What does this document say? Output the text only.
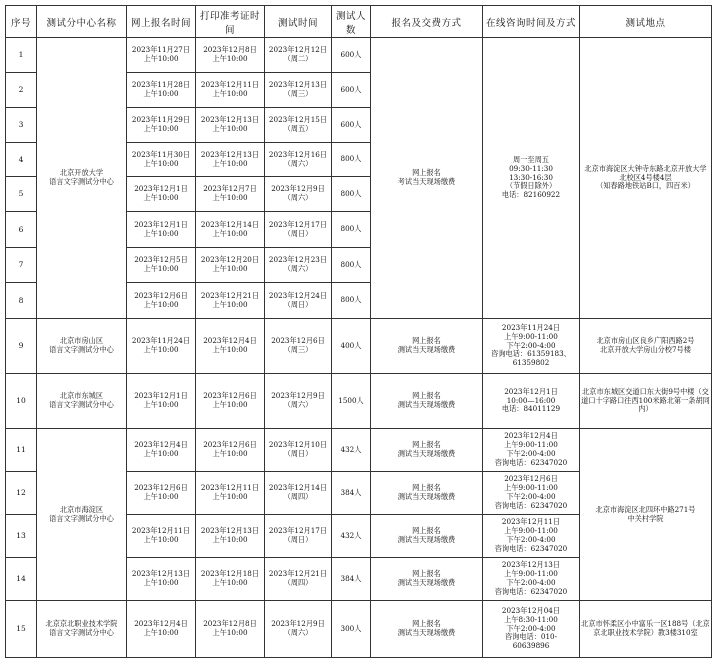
序号	测试分中心名称	网上报名时间	打印准考证时间	测试时间	测试人数	报名及交费方式	在线咨询时间及方式	测试地点
1	北京开放大学
语言文字测试分中心	2023年11月27日
上午10:00	2023年12月8日
上午10:00	2023年12月12日
（周二）	600人	网上报名
考试当天现场缴费	周一至周五
09:30-11:30
13:30-16:30
（节假日除外）
电话：82160922	北京市海淀区大钟寺东路北京开放大学北校区4号楼4层
（知春路地铁站B口，四百米）
2		2023年11月28日
上午10:00	2023年12月11日
上午10:00	2023年12月13日
（周三）	600人			
3		2023年11月29日
上午10:00	2023年12月13日
上午10:00	2023年12月15日
（周五）	600人			
4		2023年11月30日
上午10:00	2023年12月13日
上午10:00	2023年12月16日
（周六）	800人			
5		2023年12月1日
上午10:00	2023年12月7日
上午10:00	2023年12月9日
（周六）	800人			
6		2023年12月1日
上午10:00	2023年12月14日
上午10:00	2023年12月17日
（周日）	800人			
7		2023年12月5日
上午10:00	2023年12月20日
上午10:00	2023年12月23日
（周六）	800人			
8		2023年12月6日
上午10:00	2023年12月21日
上午10:00	2023年12月24日
（周日）	800人			
9	北京市房山区
语言文字测试分中心	2023年11月24日
上午10:00	2023年12月4日
上午10:00	2023年12月6日
（周三）	400人	网上报名
测试当天现场缴费	2023年11月24日
上午9:00-11:00
下午2:00-4:00
咨询电话：61359183、
61359802	北京市房山区良乡广阳西路2号
北京开放大学房山分校7号楼
10	北京市东城区
语言文字测试分中心	2023年12月1日
上午10:00	2023年12月6日
上午10:00	2023年12月9日
（周六）	1500人	网上报名
测试当天现场缴费	2023年12月1日
10:00—16:00
电话：84011129	北京市东城区交道口东大街9号中楼（交道口十字路口往西100米路北第一条胡同内）
11	北京市海淀区
语言文字测试分中心	2023年12月4日
上午10:00	2023年12月6日
上午10:00	2023年12月10日
（周日）	432人	网上报名
测试当天现场缴费	2023年12月4日
上午9:00-11:00
下午2:00-4:00
咨询电话：62347020	北京市海淀区北四环中路271号
中关村学院
12		2023年12月6日
上午10:00	2023年12月11日
上午10:00	2023年12月14日
（周四）	384人	网上报名
测试当天现场缴费	2023年12月6日
上午9:00-11:00
下午2:00-4:00
咨询电话：62347020	
13		2023年12月11日
上午10:00	2023年12月13日
上午10:00	2023年12月17日
（周日）	432人	网上报名
测试当天现场缴费	2023年12月11日
上午9:00-11:00
下午2:00-4:00
咨询电话：62347020	
14		2023年12月13日
上午10:00	2023年12月18日
上午10:00	2023年12月21日
（周四）	384人	网上报名
测试当天现场缴费	2023年12月13日
上午9:00-11:00
下午2:00-4:00
咨询电话：62347020	
15	北京京北职业技术学院
语言文字测试分中心	2023年12月4日
上午10:00	2023年12月8日
上午10:00	2023年12月9日
（周六）	300人	网上报名
测试当天现场缴费	2023年12月04日
上午8:30-11:00
下午2:00-4:00
咨询电话：010-
60639896	北京市怀柔区小中富乐一区188号（北京京北职业技术学院）教3楼310室
